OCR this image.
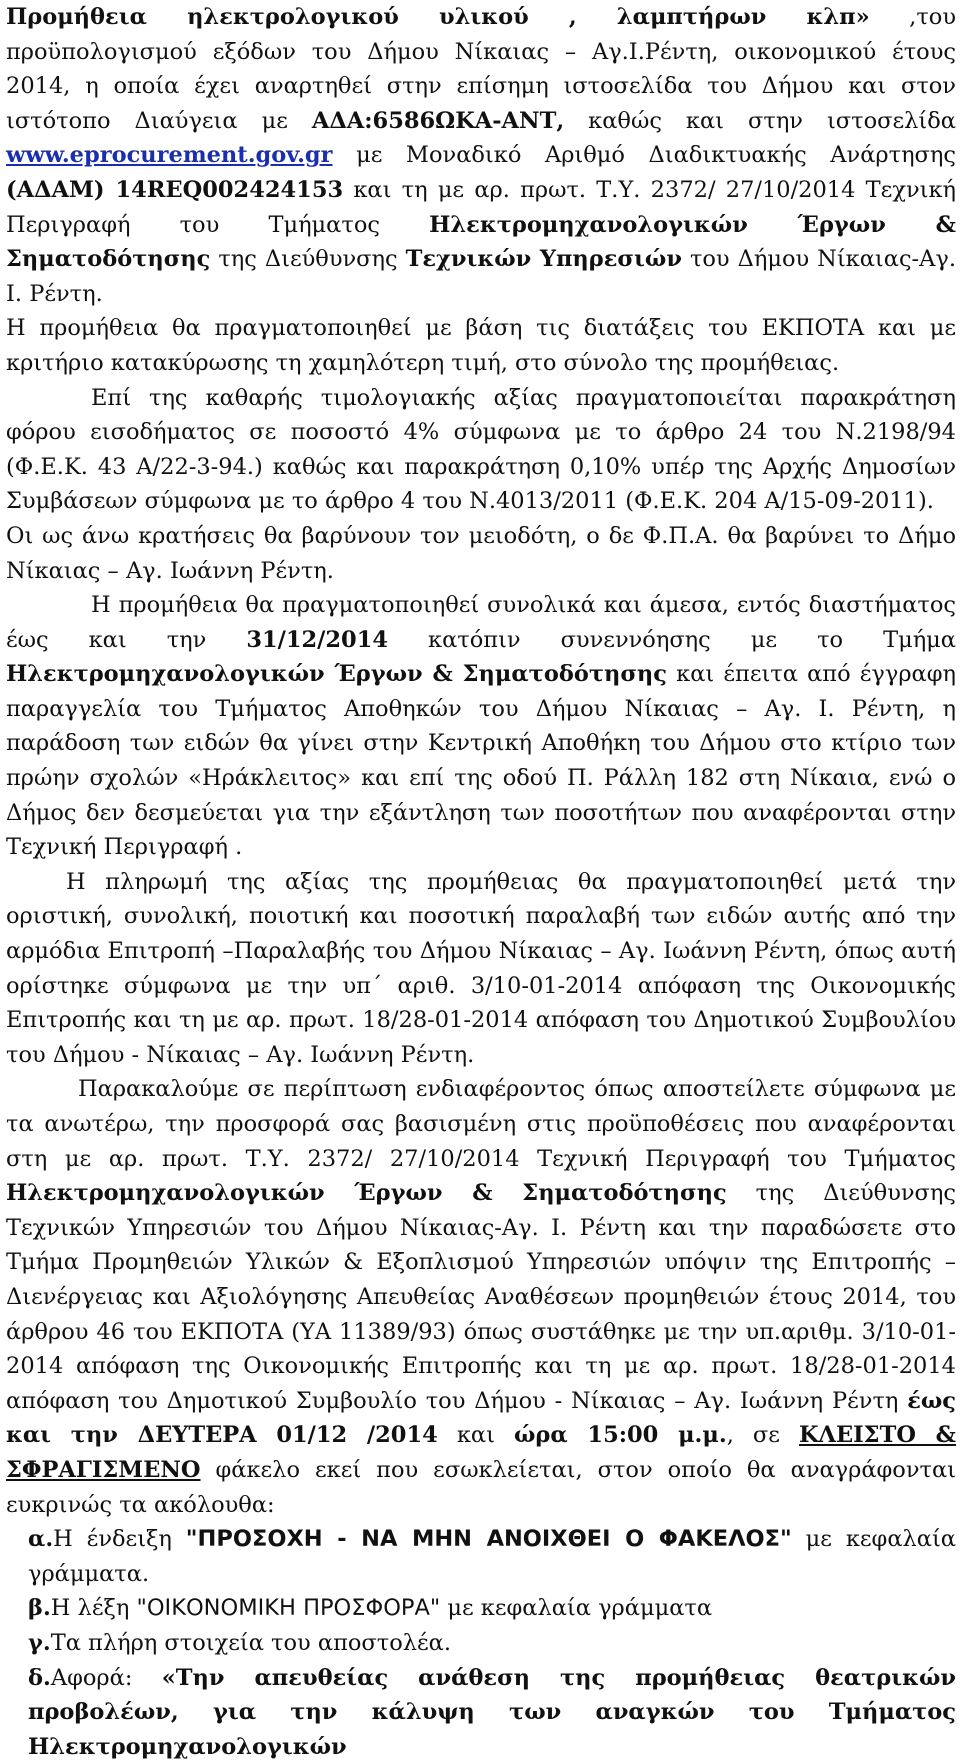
Προμήθεια ηλεκτρολογικού υλικού , λαμπτήρων κλπ» ,του προϋπολογισμού εξόδων του Δήμου Νίκαιας – Αγ.Ι.Ρέντη, οικονομικού έτους 2014, η οποία έχει αναρτηθεί στην επίσημη ιστοσελίδα του Δήμου και στον ιστότοπο Διαύγεια με ΑΔΑ:6586ΩΚΑ-ΑΝΤ, καθώς και στην ιστοσελίδα www.eprocurement.gov.gr με Μοναδικό Αριθμό Διαδικτυακής Ανάρτησης (ΑΔΑΜ) 14REQ002424153 και τη με αρ. πρωτ. Τ.Υ. 2372/ 27/10/2014 Τεχνική Περιγραφή του Τμήματος Ηλεκτρομηχανολογικών Έργων & Σηματοδότησης της Διεύθυνσης Τεχνικών Υπηρεσιών του Δήμου Νίκαιας-Αγ. Ι. Ρέντη.

Η προμήθεια θα πραγματοποιηθεί με βάση τις διατάξεις του ΕΚΠΟΤΑ και με κριτήριο κατακύρωσης τη χαμηλότερη τιμή, στο σύνολο της προμήθειας.

Επί της καθαρής τιμολογιακής αξίας πραγματοποιείται παρακράτηση φόρου εισοδήματος σε ποσοστό 4% σύμφωνα με το άρθρο 24 του Ν.2198/94 (Φ.Ε.Κ. 43 Α/22-3-94.) καθώς και παρακράτηση 0,10% υπέρ της Αρχής Δημοσίων Συμβάσεων σύμφωνα με το άρθρο 4 του Ν.4013/2011 (Φ.Ε.Κ. 204 Α/15-09-2011).

Οι ως άνω κρατήσεις θα βαρύνουν τον μειοδότη, ο δε Φ.Π.Α. θα βαρύνει το Δήμο Νίκαιας – Αγ. Ιωάννη Ρέντη.

Η προμήθεια θα πραγματοποιηθεί συνολικά και άμεσα, εντός διαστήματος έως και την 31/12/2014 κατόπιν συνεννόησης με το Τμήμα Ηλεκτρομηχανολογικών Έργων & Σηματοδότησης και έπειτα από έγγραφη παραγγελία του Τμήματος Αποθηκών του Δήμου Νίκαιας – Αγ. Ι. Ρέντη, η παράδοση των ειδών θα γίνει στην Κεντρική Αποθήκη του Δήμου στο κτίριο των πρώην σχολών «Ηράκλειτος» και επί της οδού Π. Ράλλη 182 στη Νίκαια, ενώ ο Δήμος δεν δεσμεύεται για την εξάντληση των ποσοτήτων που αναφέρονται στην Τεχνική Περιγραφή .

Η πληρωμή της αξίας της προμήθειας θα πραγματοποιηθεί μετά την οριστική, συνολική, ποιοτική και ποσοτική παραλαβή των ειδών αυτής από την αρμόδια Επιτροπή –Παραλαβής του Δήμου Νίκαιας – Αγ. Ιωάννη Ρέντη, όπως αυτή ορίστηκε σύμφωνα με την υπ΄ αριθ. 3/10-01-2014 απόφαση της Οικονομικής Επιτροπής και τη με αρ. πρωτ. 18/28-01-2014 απόφαση του Δημοτικού Συμβουλίου του Δήμου - Νίκαιας – Αγ. Ιωάννη Ρέντη.

Παρακαλούμε σε περίπτωση ενδιαφέροντος όπως αποστείλετε σύμφωνα με τα ανωτέρω, την προσφορά σας βασισμένη στις προϋποθέσεις που αναφέρονται στη με αρ. πρωτ. Τ.Υ. 2372/ 27/10/2014 Τεχνική Περιγραφή του Τμήματος Ηλεκτρομηχανολογικών Έργων & Σηματοδότησης της Διεύθυνσης Τεχνικών Υπηρεσιών του Δήμου Νίκαιας-Αγ. Ι. Ρέντη και την παραδώσετε στο Τμήμα Προμηθειών Υλικών & Εξοπλισμού Υπηρεσιών υπόψιν της Επιτροπής – Διενέργειας και Αξιολόγησης Απευθείας Αναθέσεων προμηθειών έτους 2014, του άρθρου 46 του ΕΚΠΟΤΑ (ΥΑ 11389/93) όπως συστάθηκε με την υπ.αριθμ. 3/10-01-2014 απόφαση της Οικονομικής Επιτροπής και τη με αρ. πρωτ. 18/28-01-2014 απόφαση του Δημοτικού Συμβουλίο του Δήμου - Νίκαιας – Αγ. Ιωάννη Ρέντη έως και την ΔΕΥΤΕΡΑ 01/12 /2014 και ώρα 15:00 μ.μ., σε ΚΛΕΙΣΤΟ & ΣΦΡΑΓΙΣΜΕΝΟ φάκελο εκεί που εσωκλείεται, στον οποίο θα αναγράφονται ευκρινώς τα ακόλουθα:

α.Η ένδειξη "ΠΡΟΣΟΧΗ - ΝΑ ΜΗΝ ΑΝΟΙΧΘΕΙ Ο ΦΑΚΕΛΟΣ" με κεφαλαία γράμματα.

β.Η λέξη "ΟΙΚΟΝΟΜΙΚΗ ΠΡΟΣΦΟΡΑ" με κεφαλαία γράμματα

γ.Τα πλήρη στοιχεία του αποστολέα.

δ.Αφορά: «Την απευθείας ανάθεση της προμήθειας θεατρικών προβολέων, για την κάλυψη των αναγκών του Τμήματος Ηλεκτρομηχανολογικών
